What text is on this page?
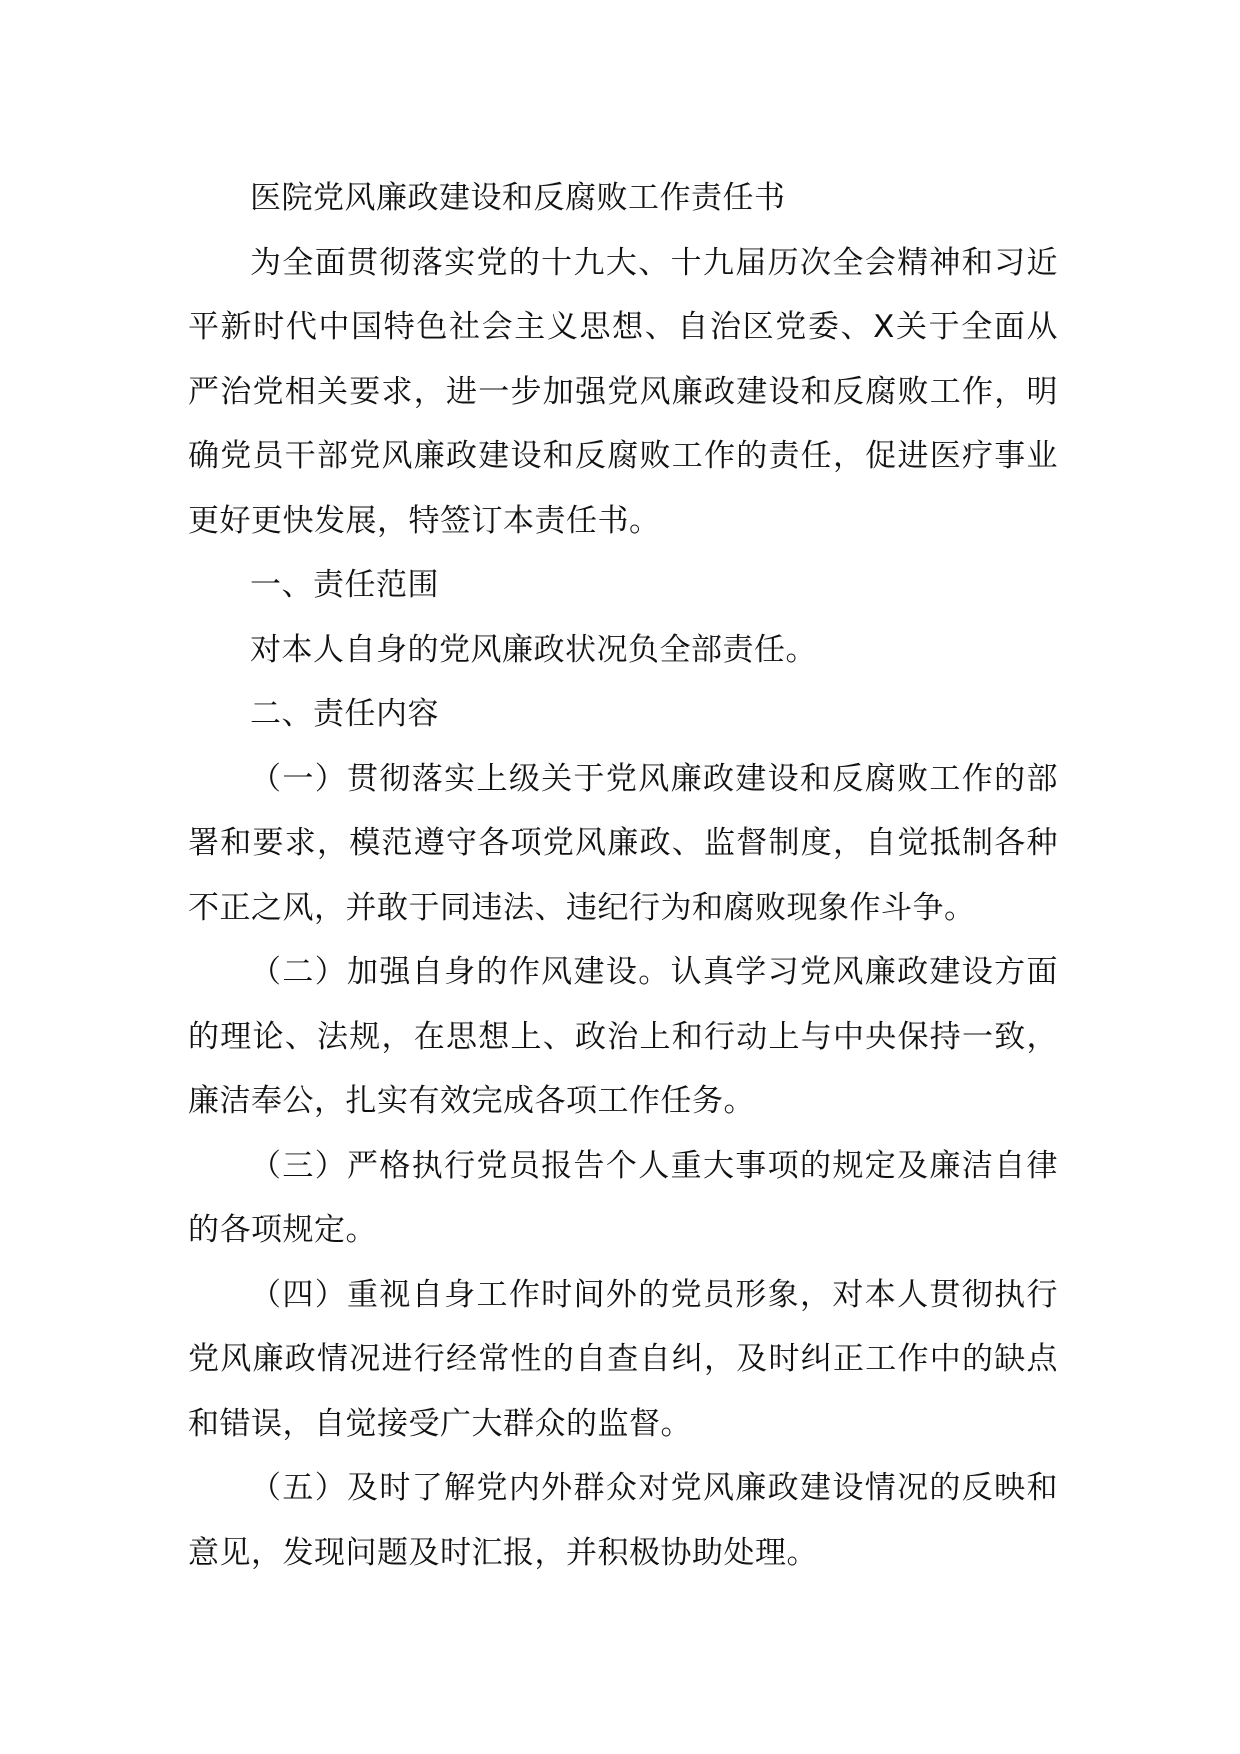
医院党风廉政建设和反腐败工作责任书

为全面贯彻落实党的十九大、十九届历次全会精神和习近平新时代中国特色社会主义思想、自治区党委、X关于全面从严治党相关要求，进一步加强党风廉政建设和反腐败工作，明确党员干部党风廉政建设和反腐败工作的责任，促进医疗事业更好更快发展，特签订本责任书。

一、责任范围

对本人自身的党风廉政状况负全部责任。

二、责任内容

（一）贯彻落实上级关于党风廉政建设和反腐败工作的部署和要求，模范遵守各项党风廉政、监督制度，自觉抵制各种不正之风，并敢于同违法、违纪行为和腐败现象作斗争。

（二）加强自身的作风建设。认真学习党风廉政建设方面的理论、法规，在思想上、政治上和行动上与中央保持一致，廉洁奉公，扎实有效完成各项工作任务。

（三）严格执行党员报告个人重大事项的规定及廉洁自律的各项规定。

（四）重视自身工作时间外的党员形象，对本人贯彻执行党风廉政情况进行经常性的自查自纠，及时纠正工作中的缺点和错误，自觉接受广大群众的监督。

（五）及时了解党内外群众对党风廉政建设情况的反映和意见，发现问题及时汇报，并积极协助处理。
